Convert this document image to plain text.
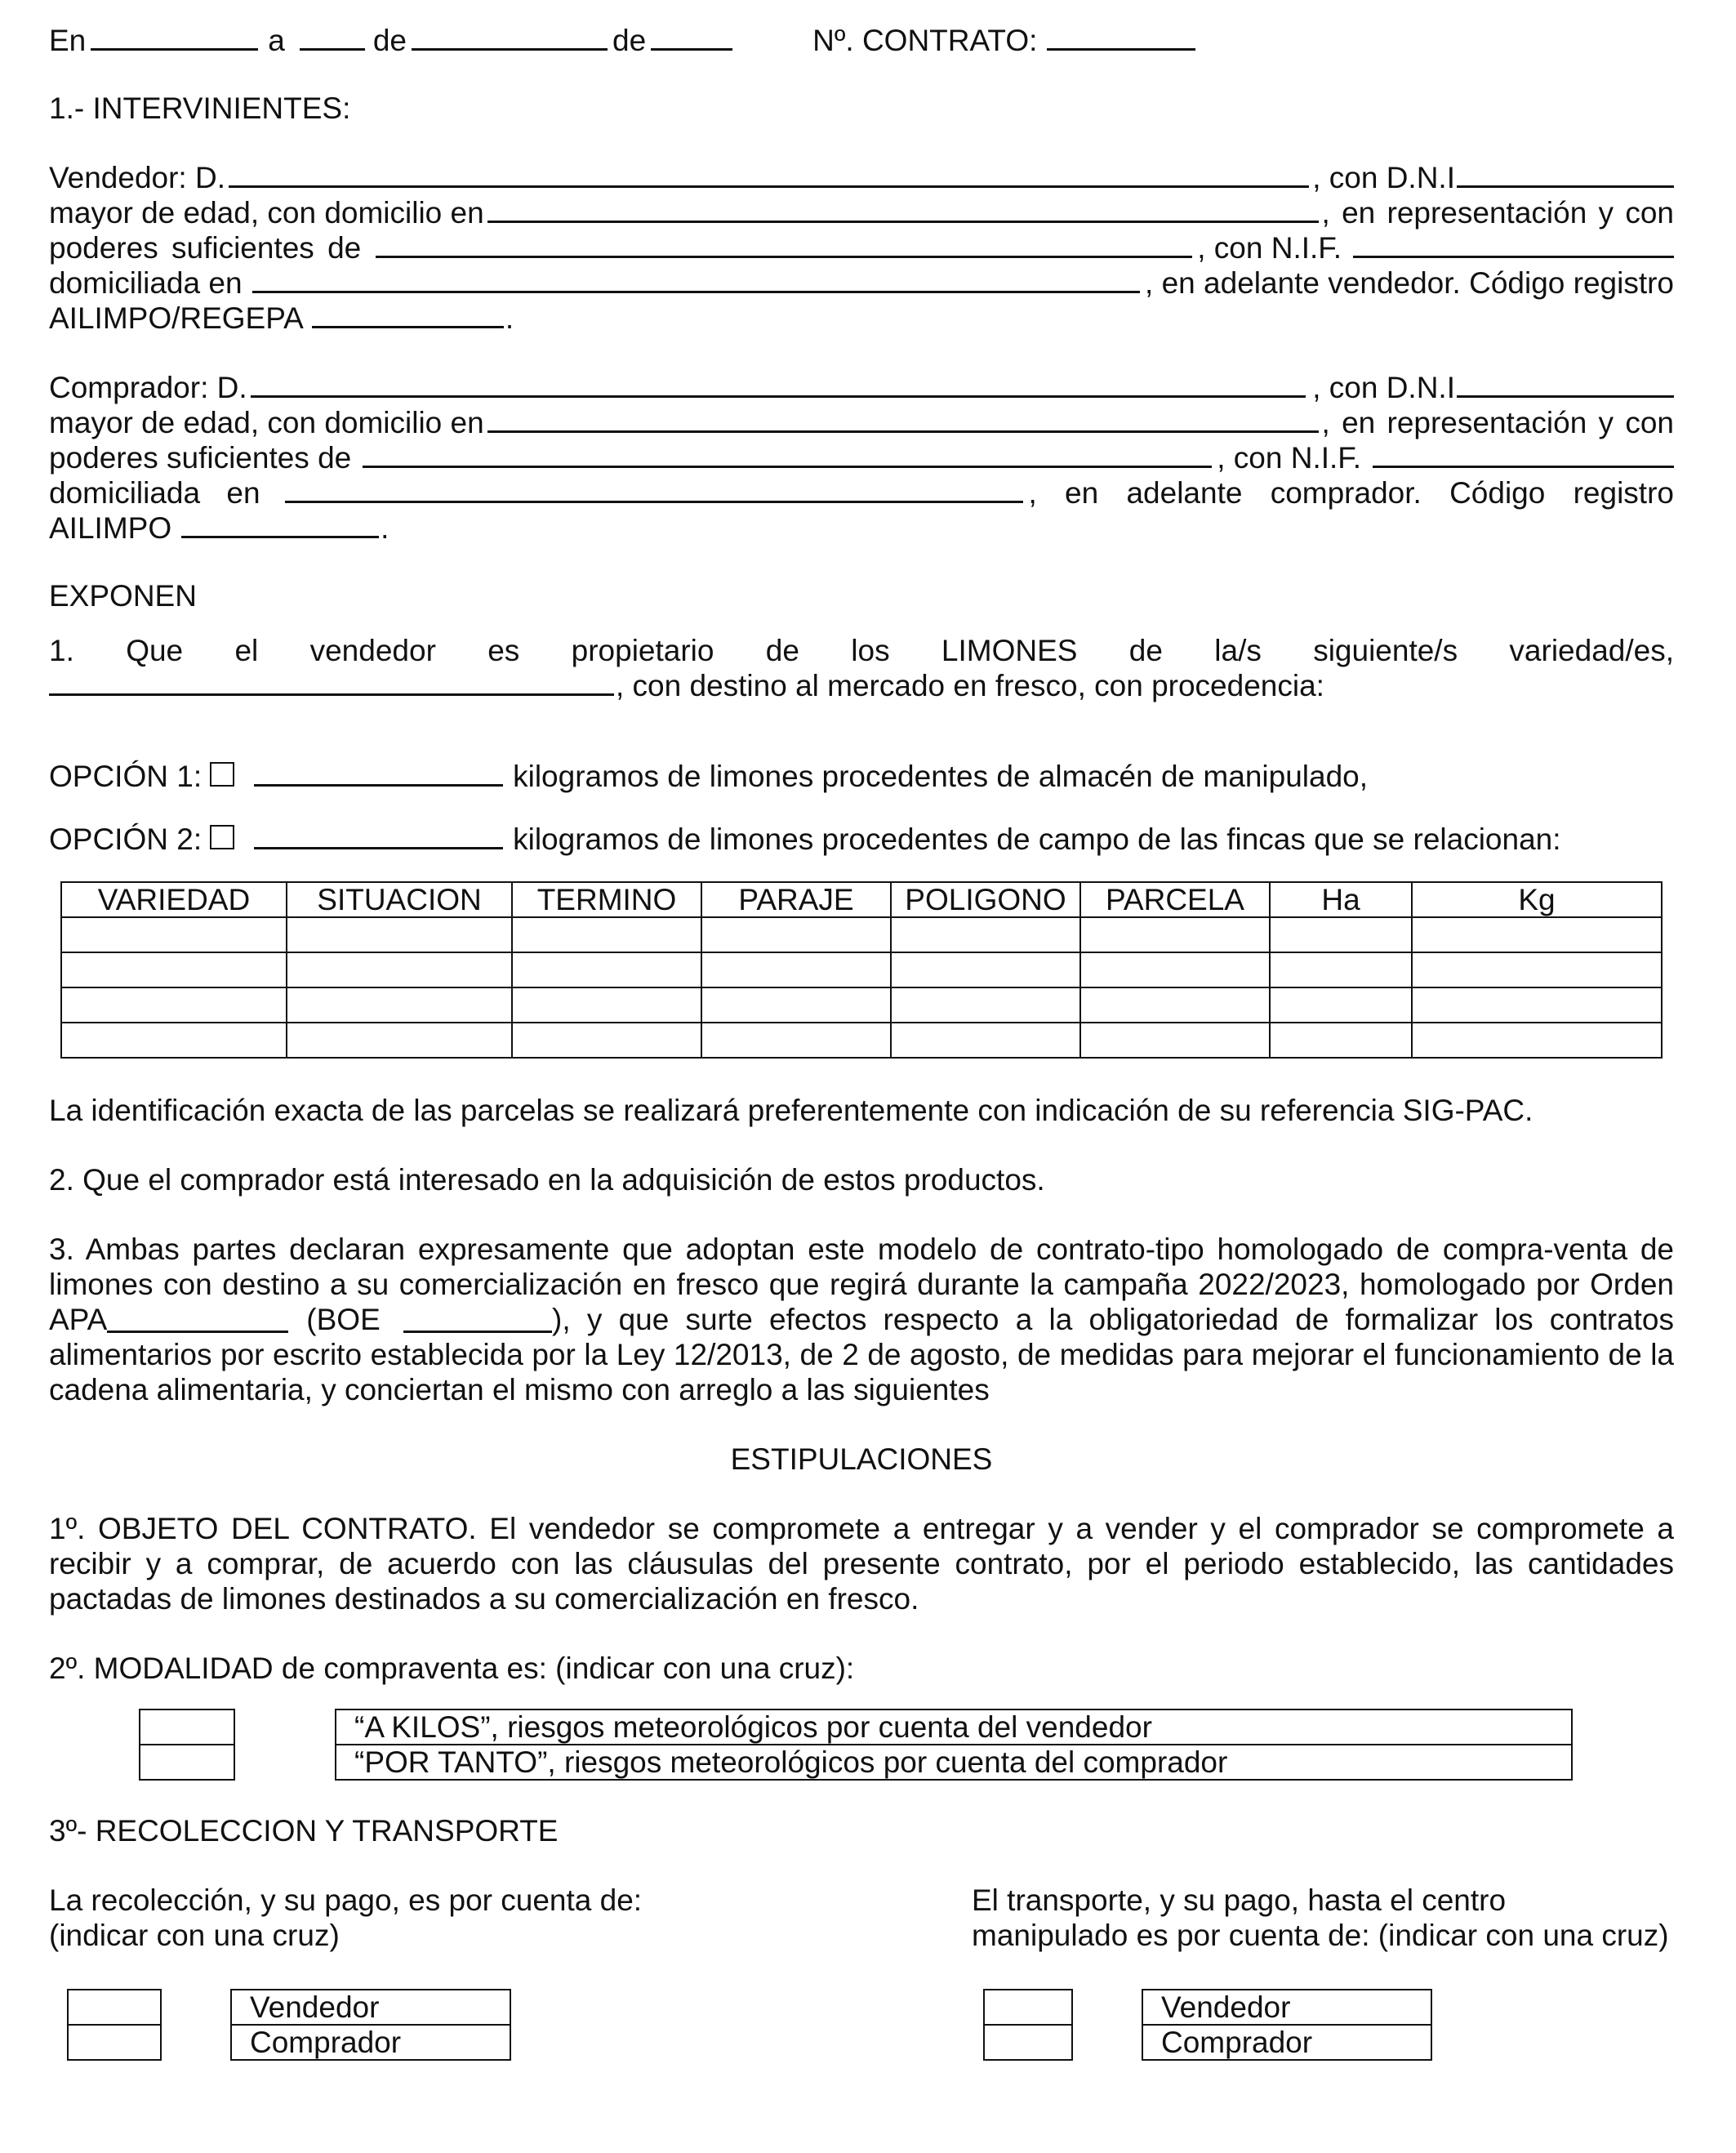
En	a	de	de	Nº. CONTRATO:
1.- INTERVINIENTES:
Vendedor: D.	, con D.N.I
mayor de edad, con domicilio en	, en representación y con
poderes suficientes de	, con N.I.F.
domiciliada en	, en adelante vendedor. Código registro
AILIMPO/REGEPA	.
Comprador: D.	, con D.N.I
mayor de edad, con domicilio en	, en representación y con
poderes suficientes de	, con N.I.F.
domiciliada en	, en adelante comprador. Código registro
AILIMPO	.
EXPONEN
1. Que el vendedor es propietario de los LIMONES de la/s siguiente/s variedad/es,
, con destino al mercado en fresco, con procedencia:
OPCIÓN 1:	kilogramos de limones procedentes de almacén de manipulado,
OPCIÓN 2:	kilogramos de limones procedentes de campo de las fincas que se relacionan:
VARIEDAD	SITUACION	TERMINO	PARAJE	POLIGONO	PARCELA	Ha	Kg

La identificación exacta de las parcelas se realizará preferentemente con indicación de su referencia SIG-PAC.

2. Que el comprador está interesado en la adquisición de estos productos.

3. Ambas partes declaran expresamente que adoptan este modelo de contrato-tipo homologado de compra-venta de limones con destino a su comercialización en fresco que regirá durante la campaña 2022/2023, homologado por Orden APA	(BOE	), y que surte efectos respecto a la obligatoriedad de formalizar los contratos alimentarios por escrito establecida por la Ley 12/2013, de 2 de agosto, de medidas para mejorar el funcionamiento de la cadena alimentaria, y conciertan el mismo con arreglo a las siguientes

ESTIPULACIONES

1º. OBJETO DEL CONTRATO. El vendedor se compromete a entregar y a vender y el comprador se compromete a recibir y a comprar, de acuerdo con las cláusulas del presente contrato, por el periodo establecido, las cantidades pactadas de limones destinados a su comercialización en fresco.

2º. MODALIDAD de compraventa es: (indicar con una cruz):

“A KILOS”, riesgos meteorológicos por cuenta del vendedor
“POR TANTO”, riesgos meteorológicos por cuenta del comprador

3º- RECOLECCION Y TRANSPORTE

La recolección, y su pago, es por cuenta de:

(indicar con una cruz)

El transporte, y su pago, hasta el centro

manipulado es por cuenta de: (indicar con una cruz)

Vendedor
Comprador

Vendedor
Comprador
